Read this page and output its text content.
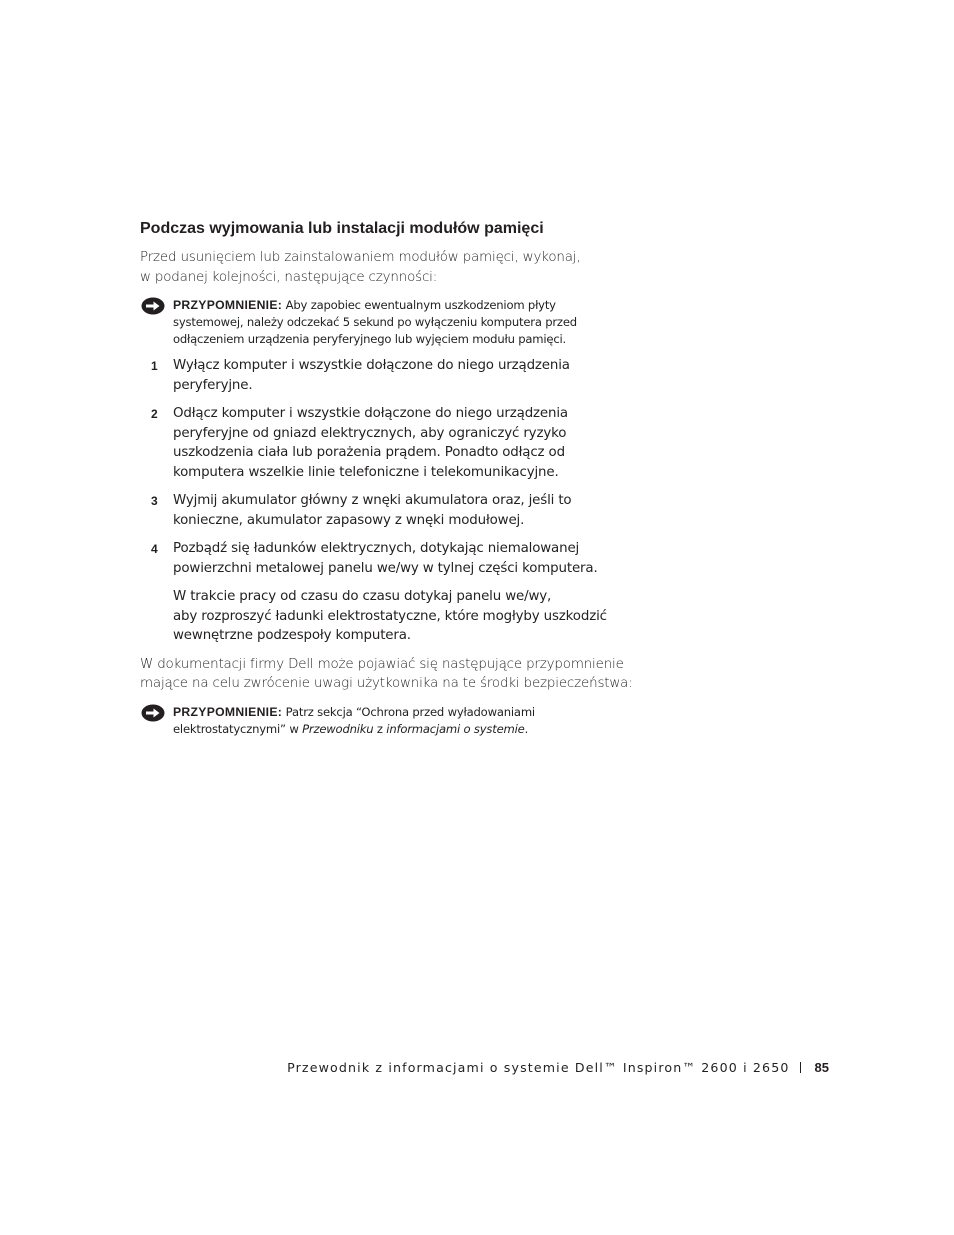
Podczas wyjmowania lub instalacji modułów pamięci

Przed usunięciem lub zainstalowaniem modułów pamięci, wykonaj,
w podanej kolejności, następujące czynności:

PRZYPOMNIENIE: Aby zapobiec ewentualnym uszkodzeniom płyty
systemowej, należy odczekać 5 sekund po wyłączeniu komputera przed
odłączeniem urządzenia peryferyjnego lub wyjęciem modułu pamięci.
1 Wyłącz komputer i wszystkie dołączone do niego urządzenia
peryferyjne.
2 Odłącz komputer i wszystkie dołączone do niego urządzenia
peryferyjne od gniazd elektrycznych, aby ograniczyć ryzyko
uszkodzenia ciała lub porażenia prądem. Ponadto odłącz od
komputera wszelkie linie telefoniczne i telekomunikacyjne.
3 Wyjmij akumulator główny z wnęki akumulatora oraz, jeśli to
konieczne, akumulator zapasowy z wnęki modułowej.
4 Pozbądź się ładunków elektrycznych, dotykając niemalowanej
powierzchni metalowej panelu we/wy w tylnej części komputera.
W trakcie pracy od czasu do czasu dotykaj panelu we/wy,
aby rozproszyć ładunki elektrostatyczne, które mogłyby uszkodzić
wewnętrzne podzespoły komputera.

W dokumentacji firmy Dell może pojawiać się następujące przypomnienie
mające na celu zwrócenie uwagi użytkownika na te środki bezpieczeństwa:

PRZYPOMNIENIE: Patrz sekcja “Ochrona przed wyładowaniami
elektrostatycznymi” w Przewodniku z informacjami o systemie.
Przewodnik z informacjami o systemie Dell™ Inspiron™ 2600 i 2650 85
